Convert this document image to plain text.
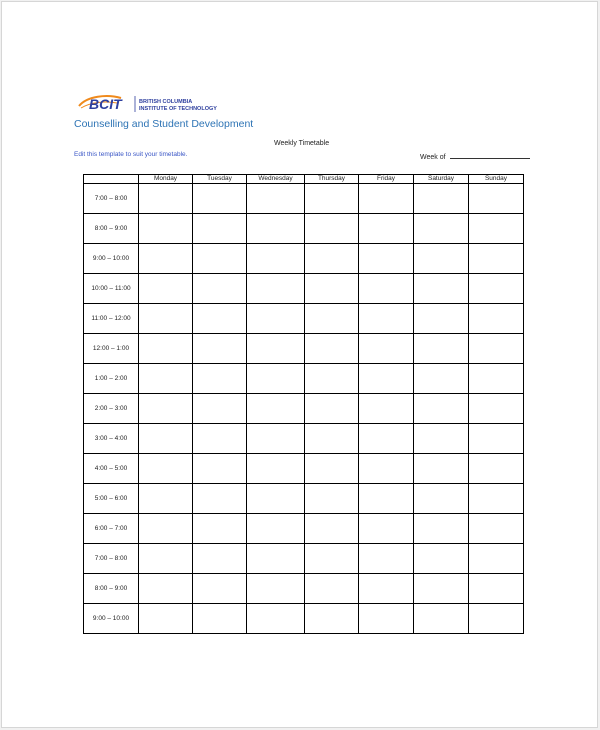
BCIT	BRITISH COLUMBIA
INSTITUTE OF TECHNOLOGY
Counselling and Student Development
Weekly Timetable
Edit this template to suit your timetable.	Week of
	Monday	Tuesday	Wednesday	Thursday	Friday	Saturday	Sunday
7:00 – 8:00							
8:00 – 9:00							
9:00 – 10:00							
10:00 – 11:00							
11:00 – 12:00							
12:00 – 1:00							
1:00 – 2:00							
2:00 – 3:00							
3:00 – 4:00							
4:00 – 5:00							
5:00 – 6:00							
6:00 – 7:00							
7:00 – 8:00							
8:00 – 9:00							
9:00 – 10:00							
